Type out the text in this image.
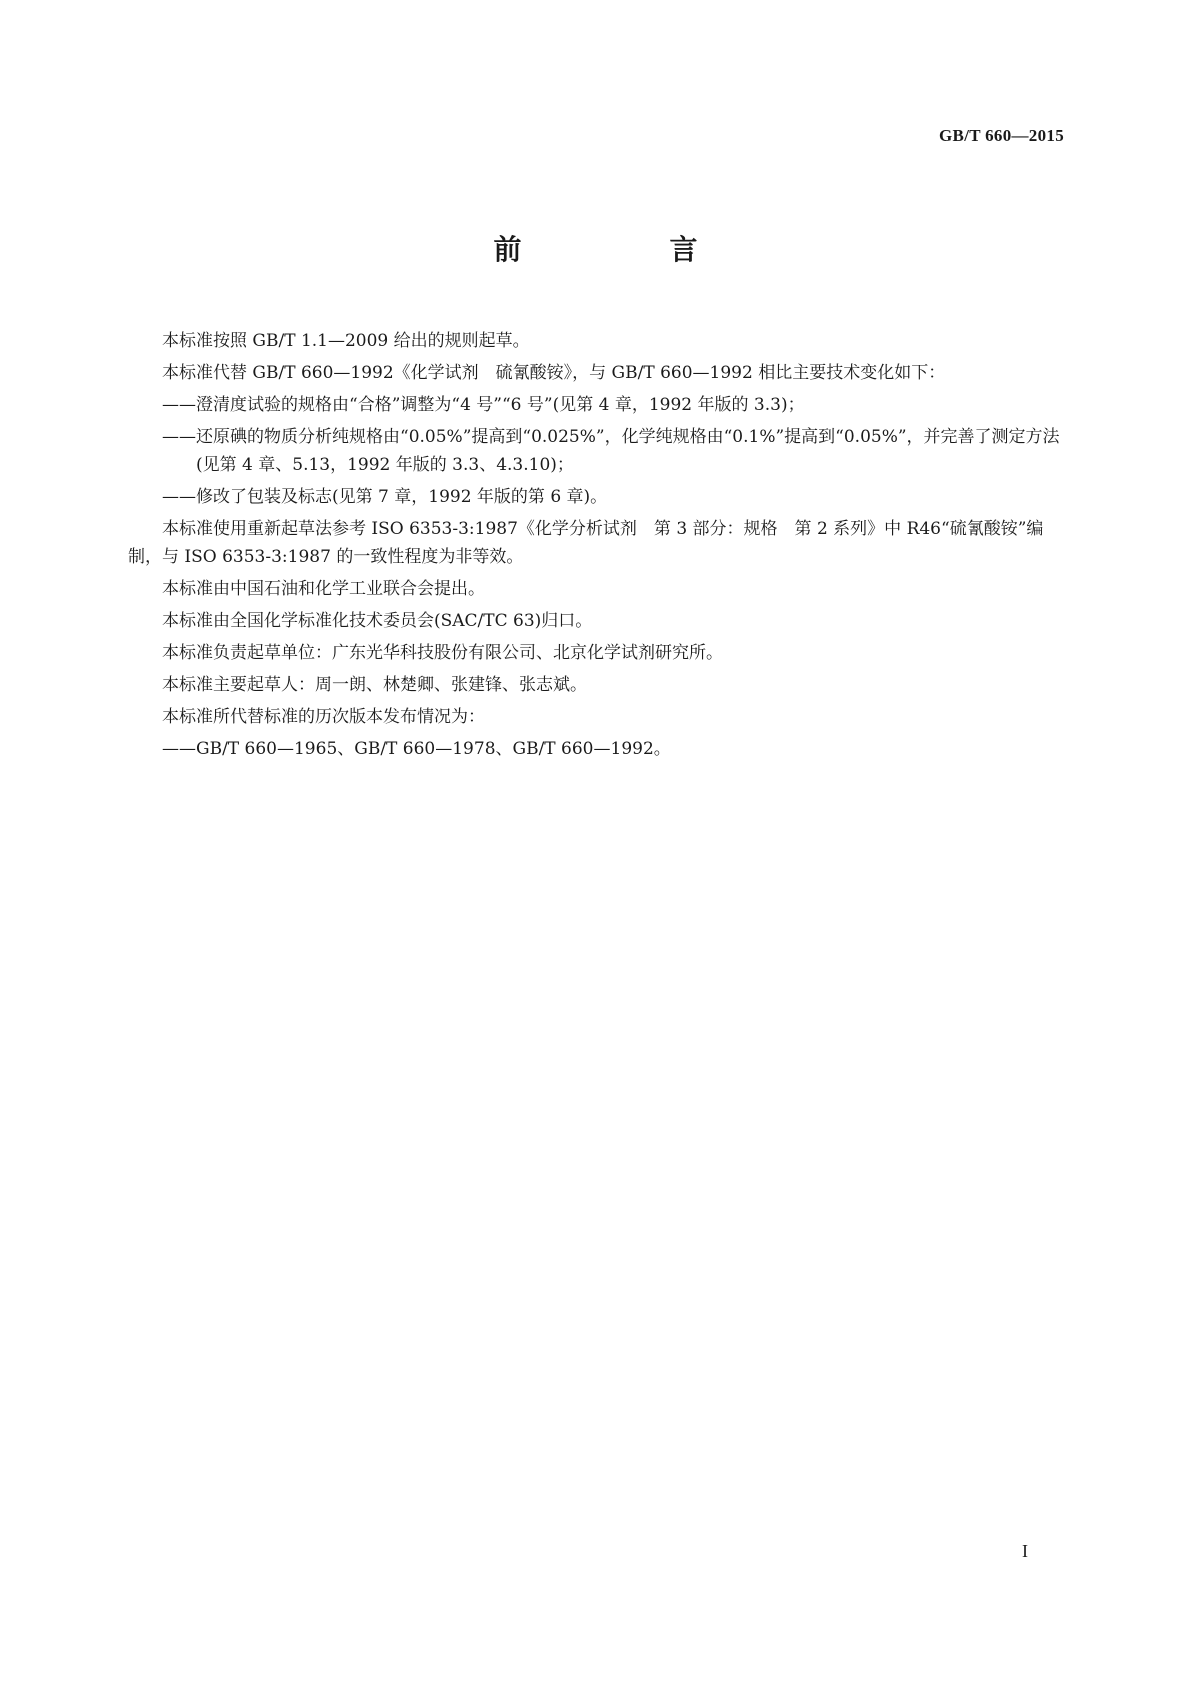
GB/T 660—2015
前　言

本标准按照 GB/T 1.1—2009 给出的规则起草。

本标准代替 GB/T 660—1992《化学试剂　硫氰酸铵》，与 GB/T 660—1992 相比主要技术变化如下：

——澄清度试验的规格由“合格”调整为“4 号”“6 号”(见第 4 章，1992 年版的 3.3)；

——还原碘的物质分析纯规格由“0.05%”提高到“0.025%”，化学纯规格由“0.1%”提高到“0.05%”，并完善了测定方法(见第 4 章、5.13，1992 年版的 3.3、4.3.10)；

——修改了包装及标志(见第 7 章，1992 年版的第 6 章)。

本标准使用重新起草法参考 ISO 6353-3:1987《化学分析试剂　第 3 部分：规格　第 2 系列》中 R46“硫氰酸铵”编制，与 ISO 6353-3:1987 的一致性程度为非等效。

本标准由中国石油和化学工业联合会提出。

本标准由全国化学标准化技术委员会(SAC/TC 63)归口。

本标准负责起草单位：广东光华科技股份有限公司、北京化学试剂研究所。

本标准主要起草人：周一朗、林楚卿、张建锋、张志斌。

本标准所代替标准的历次版本发布情况为：

——GB/T 660—1965、GB/T 660—1978、GB/T 660—1992。

I
